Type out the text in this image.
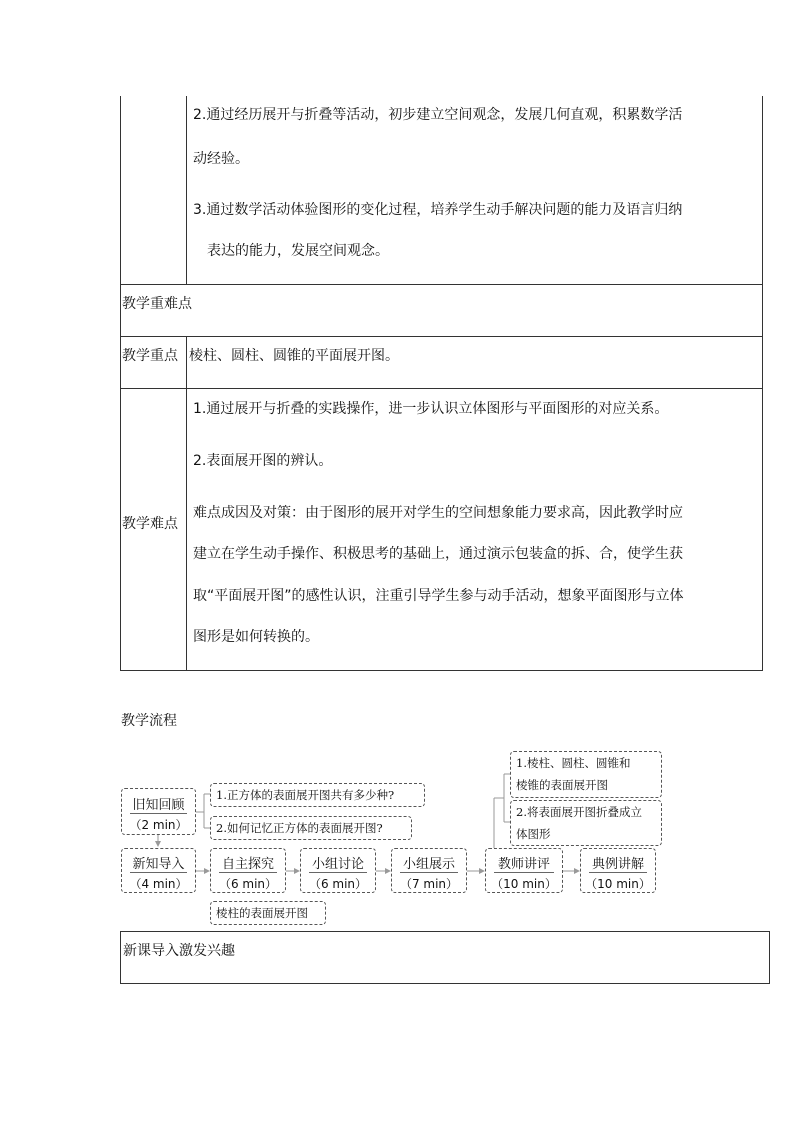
2.通过经历展开与折叠等活动，初步建立空间观念，发展几何直观，积累数学活
动经验。
3.通过数学活动体验图形的变化过程，培养学生动手解决问题的能力及语言归纳
表达的能力，发展空间观念。
教学重难点
教学重点 棱柱、圆柱、圆锥的平面展开图。
教学难点
1.通过展开与折叠的实践操作，进一步认识立体图形与平面图形的对应关系。
2.表面展开图的辨认。
难点成因及对策：由于图形的展开对学生的空间想象能力要求高，因此教学时应
建立在学生动手操作、积极思考的基础上，通过演示包装盒的拆、合，使学生获
取“平面展开图”的感性认识，注重引导学生参与动手活动，想象平面图形与立体
图形是如何转换的。
教学流程
旧知回顾
（2 min）
1.正方体的表面展开图共有多少种?
2.如何记忆正方体的表面展开图?
新知导入
（4 min）
自主探究
（6 min）
小组讨论
（6 min）
小组展示
（7 min）
教师讲评
（10 min）
典例讲解
（10 min）
棱柱的表面展开图
1.棱柱、圆柱、圆锥和
棱锥的表面展开图
2.将表面展开图折叠成立
体图形
新课导入激发兴趣
